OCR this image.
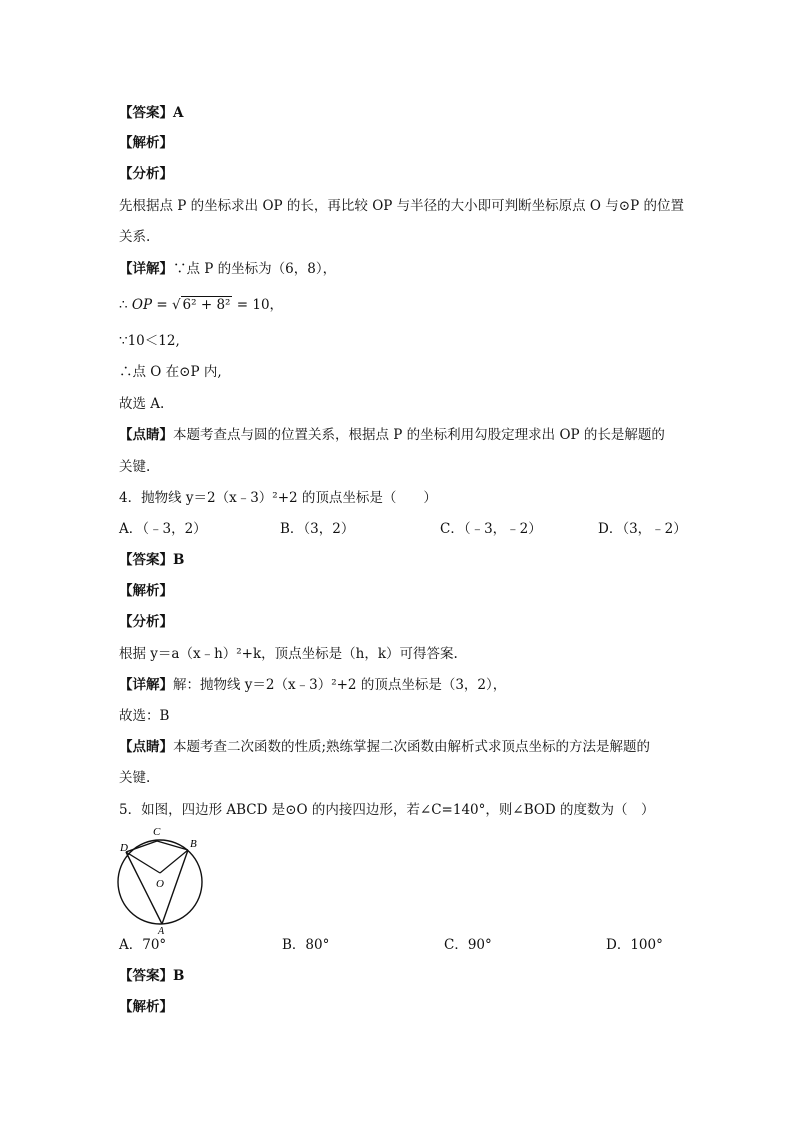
【答案】A
【解析】
【分析】
先根据点 P 的坐标求出 OP 的长，再比较 OP 与半径的大小即可判断坐标原点 O 与⊙P 的位置
关系.
【详解】∵点 P 的坐标为（6，8），
∴ OP = √ 6² + 8² = 10，
∵10＜12,
∴点 O 在⊙P 内,
故选 A.
【点睛】本题考查点与圆的位置关系，根据点 P 的坐标利用勾股定理求出 OP 的长是解题的
关键.
4．抛物线 y＝2（x﹣3）²+2 的顶点坐标是（　　）
A．（﹣3，2）	B．（3，2）	C．（﹣3，﹣2）	D．（3，﹣2）
【答案】B
【解析】
【分析】
根据 y＝a（x﹣h）²+k，顶点坐标是（h，k）可得答案.
【详解】解：抛物线 y＝2（x﹣3）²+2 的顶点坐标是（3，2），
故选：B
【点睛】本题考查二次函数的性质;熟练掌握二次函数由解析式求顶点坐标的方法是解题的
关键.
5．如图，四边形 ABCD 是⊙O 的内接四边形，若∠C=140°，则∠BOD 的度数为（　）
D
C
B
O
A
A．70°	B．80°	C．90°	D．100°
【答案】B
【解析】
